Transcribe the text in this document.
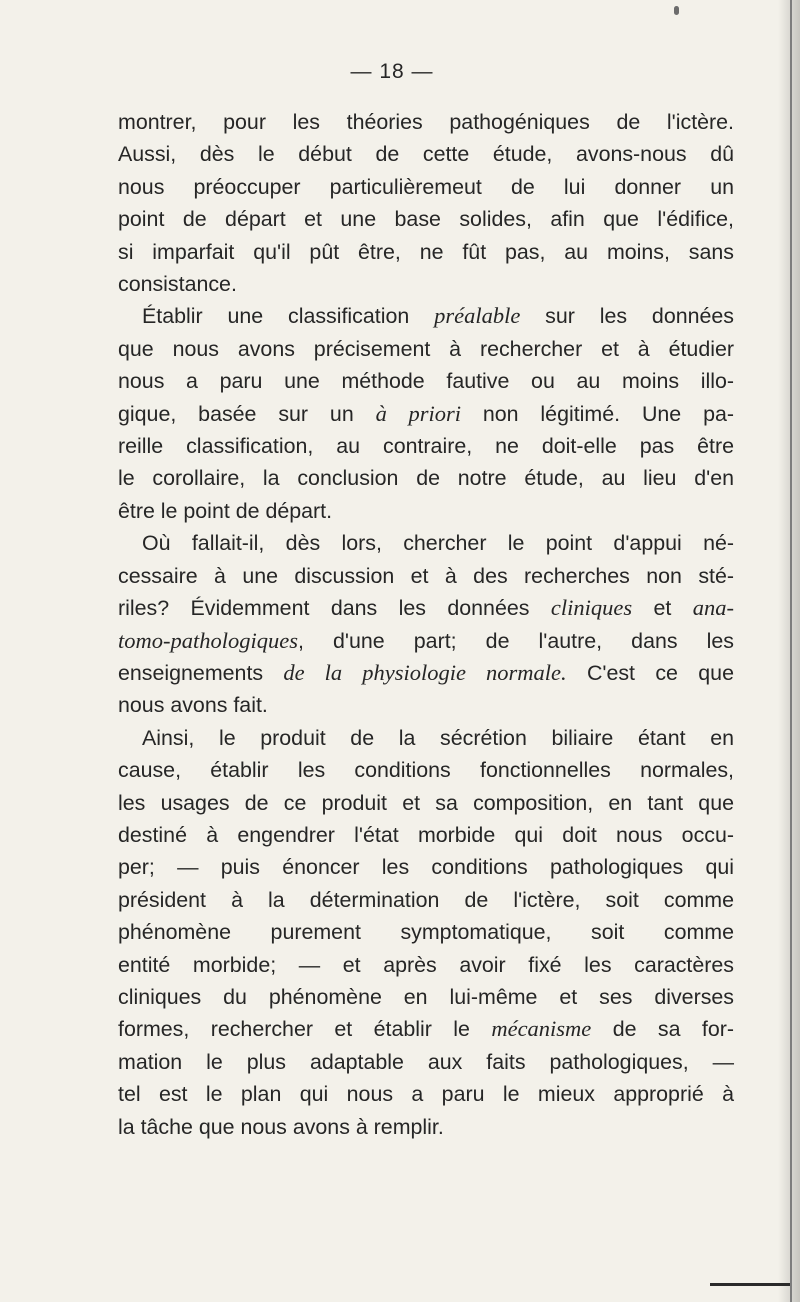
— 18 —

montrer, pour les théories pathogéniques de l'ictère.

Aussi, dès le début de cette étude, avons-nous dû

nous préoccuper particulièremeut de lui donner un

point de départ et une base solides, afin que l'édifice,

si imparfait qu'il pût être, ne fût pas, au moins, sans

consistance.

Établir une classification préalable sur les données

que nous avons précisement à rechercher et à étudier

nous a paru une méthode fautive ou au moins illo-

gique, basée sur un à priori non légitimé. Une pa-

reille classification, au contraire, ne doit-elle pas être

le corollaire, la conclusion de notre étude, au lieu d'en

être le point de départ.

Où fallait-il, dès lors, chercher le point d'appui né-

cessaire à une discussion et à des recherches non sté-

riles? Évidemment dans les données cliniques et ana-

tomo-pathologiques, d'une part; de l'autre, dans les

enseignements de la physiologie normale. C'est ce que

nous avons fait.

Ainsi, le produit de la sécrétion biliaire étant en

cause, établir les conditions fonctionnelles normales,

les usages de ce produit et sa composition, en tant que

destiné à engendrer l'état morbide qui doit nous occu-

per; — puis énoncer les conditions pathologiques qui

président à la détermination de l'ictère, soit comme

phénomène purement symptomatique, soit comme

entité morbide; — et après avoir fixé les caractères

cliniques du phénomène en lui-même et ses diverses

formes, rechercher et établir le mécanisme de sa for-

mation le plus adaptable aux faits pathologiques, —

tel est le plan qui nous a paru le mieux approprié à

la tâche que nous avons à remplir.
